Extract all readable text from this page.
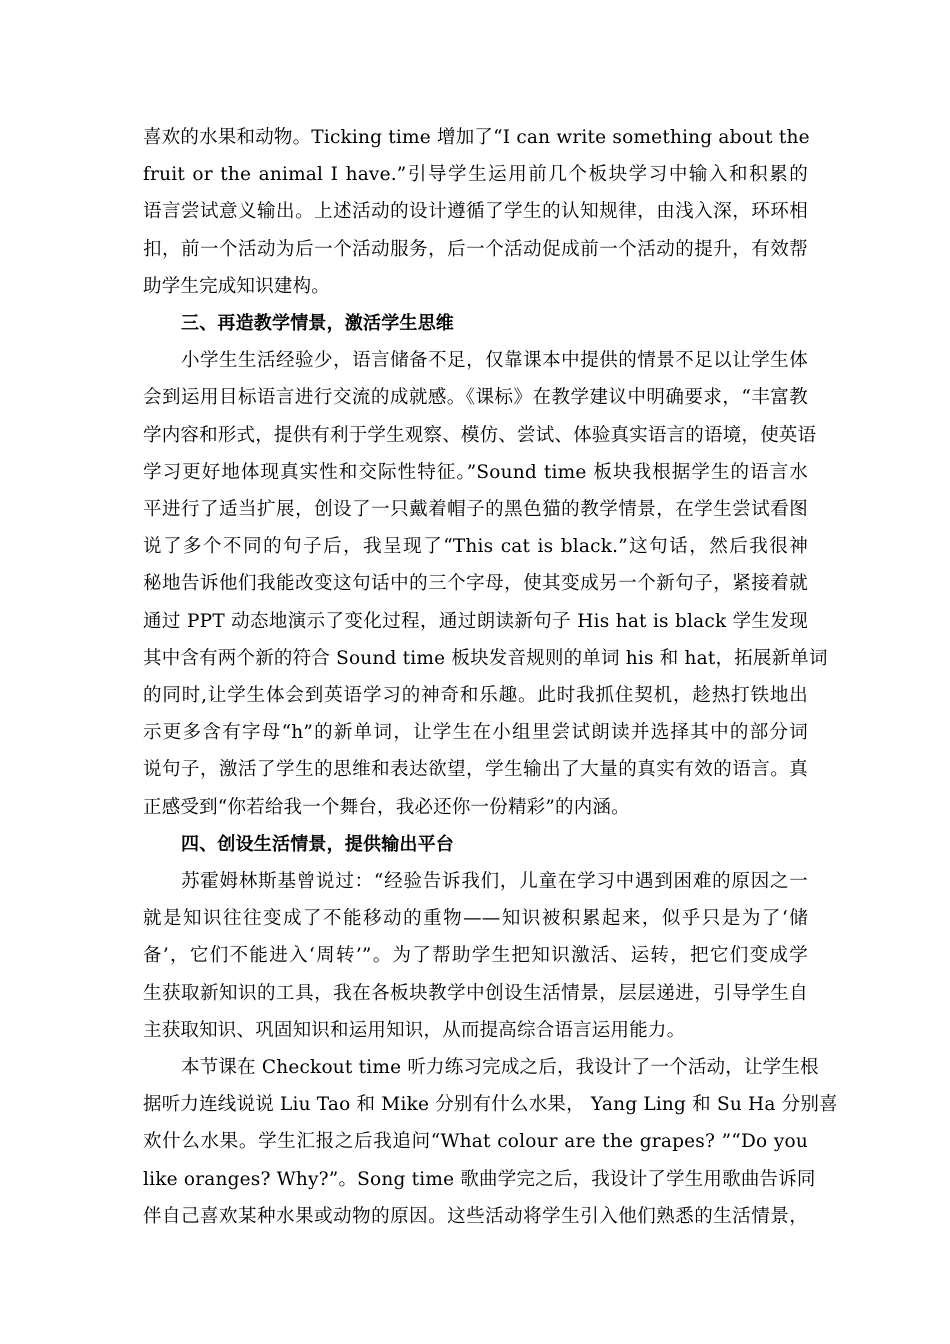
喜欢的水果和动物。Ticking time 增加了“I can write something about the
fruit or the animal I have.”引导学生运用前几个板块学习中输入和积累的
语言尝试意义输出。上述活动的设计遵循了学生的认知规律，由浅入深，环环相
扣，前一个活动为后一个活动服务，后一个活动促成前一个活动的提升，有效帮
助学生完成知识建构。
三、再造教学情景，激活学生思维
小学生生活经验少，语言储备不足，仅靠课本中提供的情景不足以让学生体
会到运用目标语言进行交流的成就感。《课标》在教学建议中明确要求，“丰富教
学内容和形式，提供有利于学生观察、模仿、尝试、体验真实语言的语境，使英语
学习更好地体现真实性和交际性特征。”Sound time 板块我根据学生的语言水
平进行了适当扩展，创设了一只戴着帽子的黑色猫的教学情景，在学生尝试看图
说了多个不同的句子后，我呈现了“This cat is black.”这句话，然后我很神
秘地告诉他们我能改变这句话中的三个字母，使其变成另一个新句子，紧接着就
通过 PPT 动态地演示了变化过程，通过朗读新句子 His hat is black 学生发现
其中含有两个新的符合 Sound time 板块发音规则的单词 his 和 hat，拓展新单词
的同时,让学生体会到英语学习的神奇和乐趣。此时我抓住契机，趁热打铁地出
示更多含有字母“h”的新单词，让学生在小组里尝试朗读并选择其中的部分词
说句子，激活了学生的思维和表达欲望，学生输出了大量的真实有效的语言。真
正感受到“你若给我一个舞台，我必还你一份精彩”的内涵。
四、创设生活情景，提供输出平台
苏霍姆林斯基曾说过：“经验告诉我们，儿童在学习中遇到困难的原因之一
就是知识往往变成了不能移动的重物——知识被积累起来，似乎只是为了‘储
备’，它们不能进入‘周转’”。为了帮助学生把知识激活、运转，把它们变成学
生获取新知识的工具，我在各板块教学中创设生活情景，层层递进，引导学生自
主获取知识、巩固知识和运用知识，从而提高综合语言运用能力。
本节课在 Checkout time 听力练习完成之后，我设计了一个活动，让学生根
据听力连线说说 Liu Tao 和 Mike 分别有什么水果， Yang Ling 和 Su Ha 分别喜
欢什么水果。学生汇报之后我追问“What colour are the grapes? ”“Do you
like oranges? Why?”。Song time 歌曲学完之后，我设计了学生用歌曲告诉同
伴自己喜欢某种水果或动物的原因。这些活动将学生引入他们熟悉的生活情景，
